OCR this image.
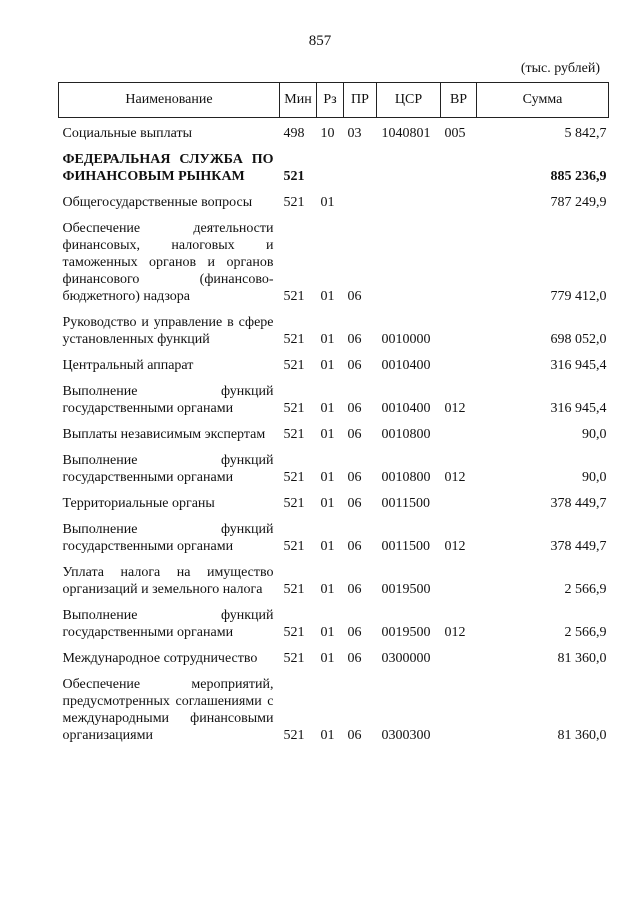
857
(тыс. рублей)
Наименование	Мин	Рз	ПР	ЦСР	ВР	Сумма
Социальные выплаты	498	10	03	1040801	005	5 842,7
ФЕДЕРАЛЬНАЯ СЛУЖБА ПО ФИНАНСОВЫМ РЫНКАМ	521					885 236,9
Общегосударственные вопросы	521	01				787 249,9
Обеспечение деятельности финансовых, налоговых и таможенных органов и органов финансового (финансово-бюджетного) надзора	521	01	06			779 412,0
Руководство и управление в сфере установленных функций	521	01	06	0010000		698 052,0
Центральный аппарат	521	01	06	0010400		316 945,4
Выполнение функций государственными органами	521	01	06	0010400	012	316 945,4
Выплаты независимым экспертам	521	01	06	0010800		90,0
Выполнение функций государственными органами	521	01	06	0010800	012	90,0
Территориальные органы	521	01	06	0011500		378 449,7
Выполнение функций государственными органами	521	01	06	0011500	012	378 449,7
Уплата налога на имущество организаций и земельного налога	521	01	06	0019500		2 566,9
Выполнение функций государственными органами	521	01	06	0019500	012	2 566,9
Международное сотрудничество	521	01	06	0300000		81 360,0
Обеспечение мероприятий, предусмотренных соглашениями с международными финансовыми организациями	521	01	06	0300300		81 360,0
